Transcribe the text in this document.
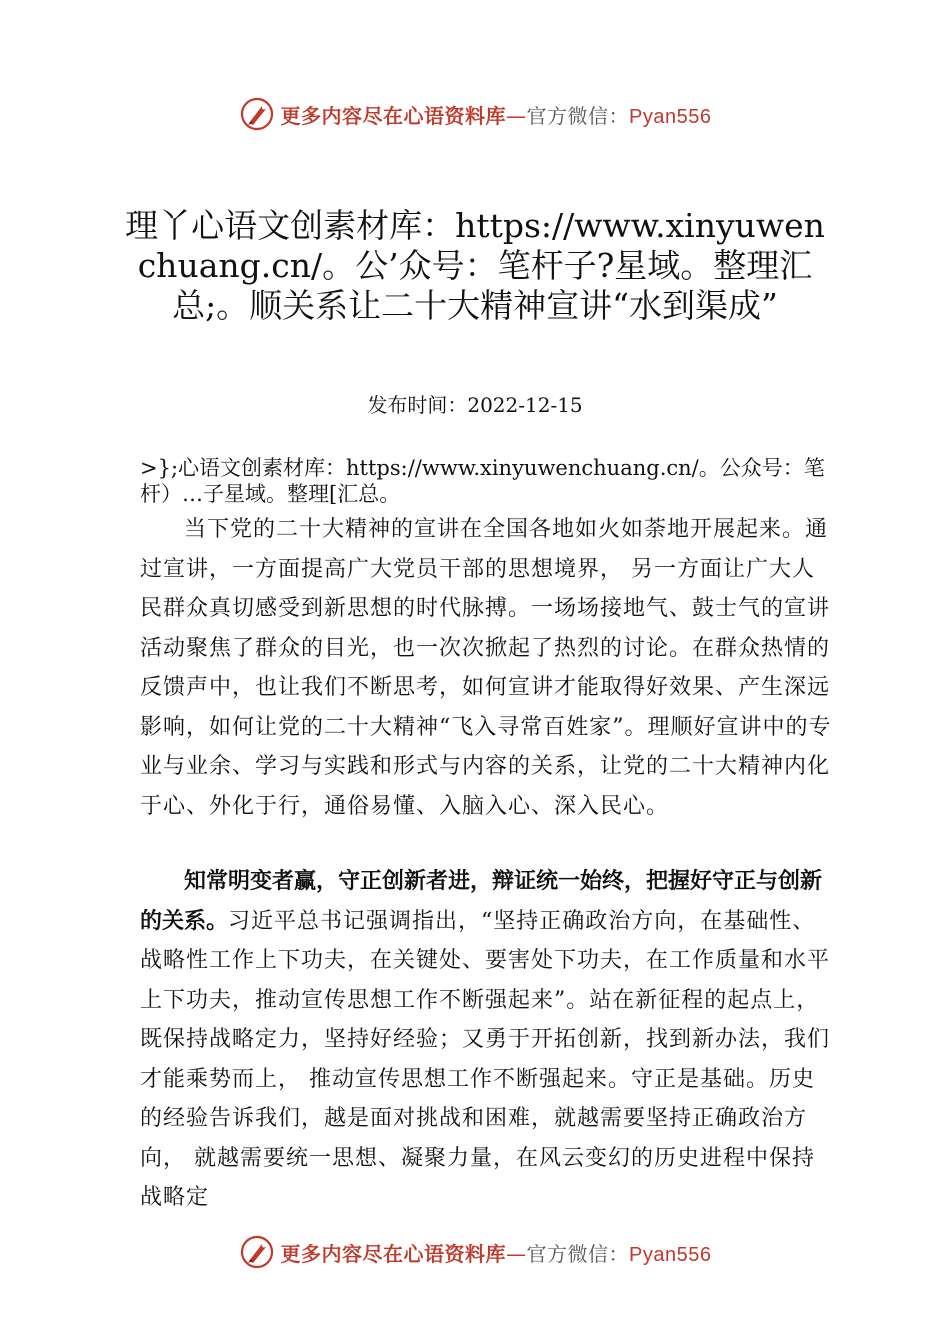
更多内容尽在心语资料库 — 官方微信： Pyan556
理丫心语文创素材库：https://www.xinyuwenchuang.cn/。公’众号：笔杆子?星域。整理汇总;。顺关系让二十大精神宣讲“水到渠成”
发布时间：2022-12-15

>};心语文创素材库：https://www.xinyuwenchuang.cn/。公众号：笔杆）…子星域。整理[汇总。

当下党的二十大精神的宣讲在全国各地如火如荼地开展起来。通过宣讲，一方面提高广大党员干部的思想境界， 另一方面让广大人民群众真切感受到新思想的时代脉搏。一场场接地气、鼓士气的宣讲活动聚焦了群众的目光，也一次次掀起了热烈的讨论。在群众热情的反馈声中，也让我们不断思考，如何宣讲才能取得好效果、产生深远影响，如何让党的二十大精神“飞入寻常百姓家”。理顺好宣讲中的专业与业余、学习与实践和形式与内容的关系，让党的二十大精神内化于心、外化于行，通俗易懂、入脑入心、深入民心。

知常明变者赢，守正创新者进，辩证统一始终，把握好守正与创新的关系。习近平总书记强调指出，“坚持正确政治方向，在基础性、战略性工作上下功夫，在关键处、要害处下功夫，在工作质量和水平上下功夫，推动宣传思想工作不断强起来”。站在新征程的起点上，既保持战略定力，坚持好经验；又勇于开拓创新，找到新办法，我们才能乘势而上， 推动宣传思想工作不断强起来。守正是基础。历史的经验告诉我们，越是面对挑战和困难，就越需要坚持正确政治方向， 就越需要统一思想、凝聚力量，在风云变幻的历史进程中保持战略定

更多内容尽在心语资料库 — 官方微信： Pyan556
